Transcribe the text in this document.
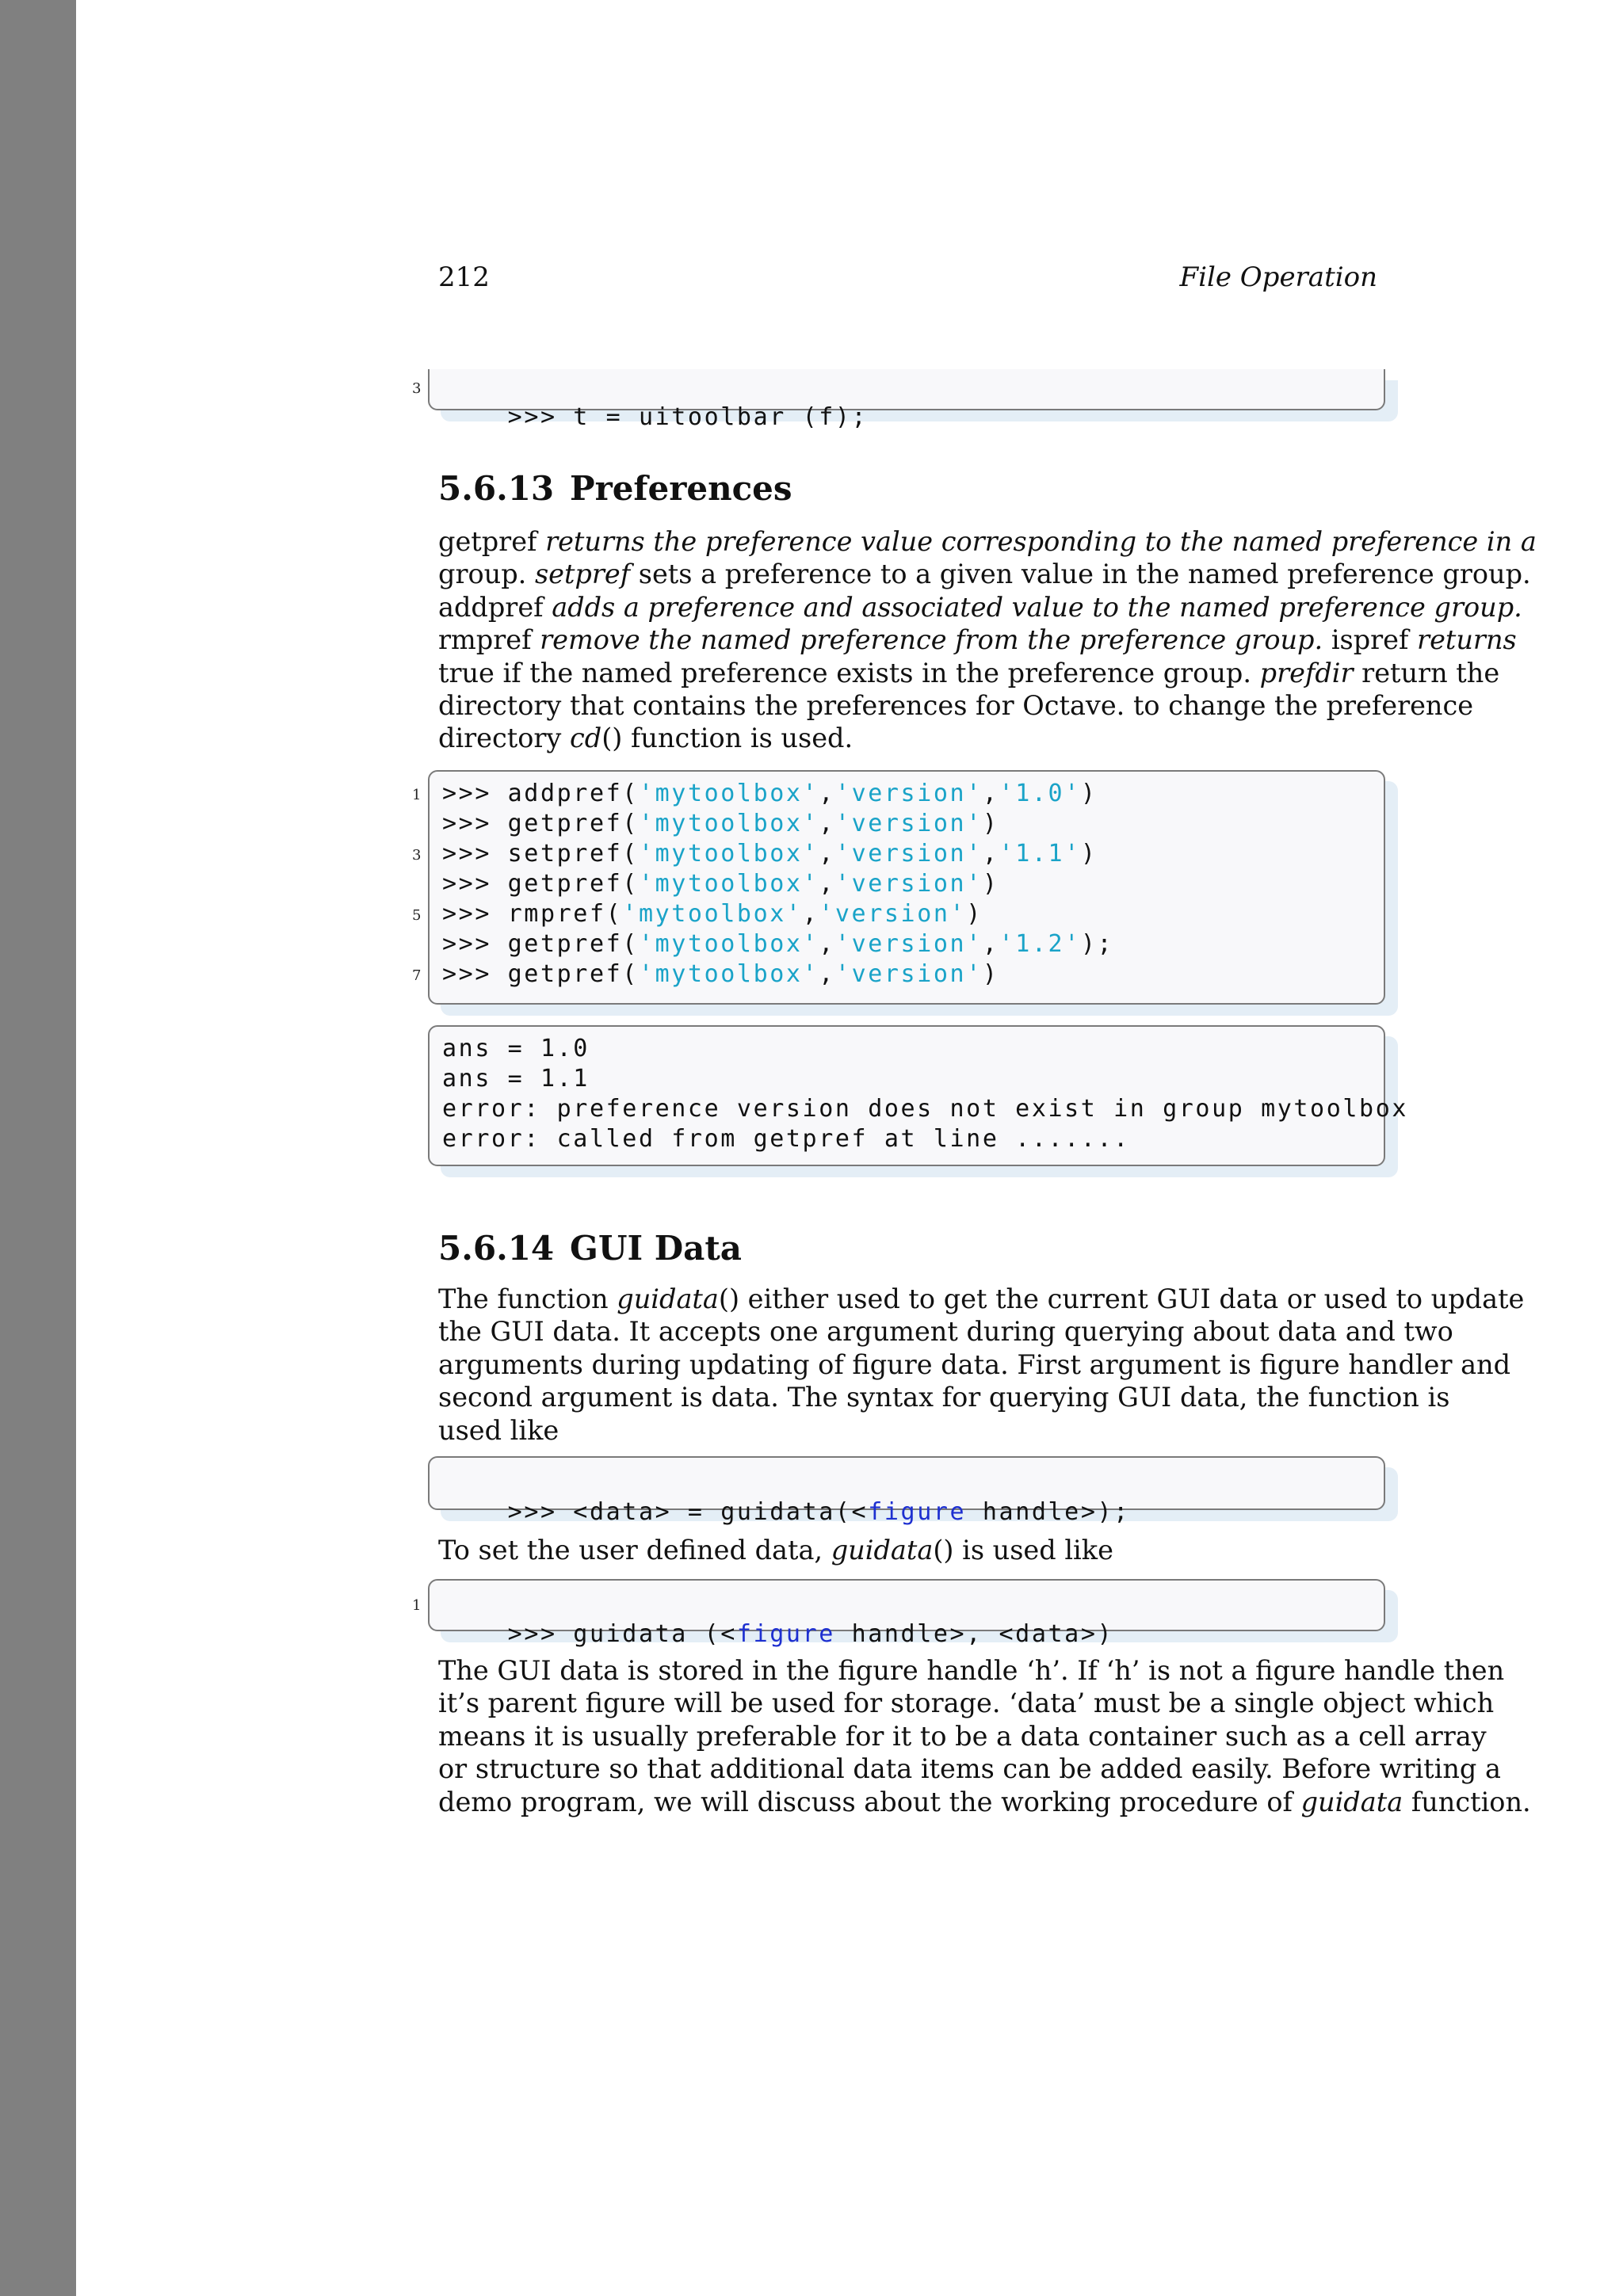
212	File Operation

3
>>> t = uitoolbar (f);

5.6.13 Preferences
getpref returns the preference value corresponding to the named preference in a
group. setpref sets a preference to a given value in the named preference group.
addpref adds a preference and associated value to the named preference group.
rmpref remove the named preference from the preference group. ispref returns
true if the named preference exists in the preference group. prefdir return the
directory that contains the preferences for Octave. to change the preference
directory cd() function is used.
1 >>> addpref('mytoolbox','version','1.0')
>>> getpref('mytoolbox','version')
3 >>> setpref('mytoolbox','version','1.1')
>>> getpref('mytoolbox','version')
5 >>> rmpref('mytoolbox','version')
>>> getpref('mytoolbox','version','1.2');
7 >>> getpref('mytoolbox','version')
ans = 1.0
ans = 1.1
error: preference version does not exist in group mytoolbox
error: called from getpref at line .......
5.6.14 GUI Data
The function guidata() either used to get the current GUI data or used to update
the GUI data. It accepts one argument during querying about data and two
arguments during updating of figure data. First argument is figure handler and
second argument is data. The syntax for querying GUI data, the function is
used like

>>> <data> = guidata(<figure handle>);

To set the user defined data, guidata() is used like

1
>>> guidata (<figure handle>, <data>)

The GUI data is stored in the figure handle ‘h’. If ‘h’ is not a figure handle then
it’s parent figure will be used for storage. ‘data’ must be a single object which
means it is usually preferable for it to be a data container such as a cell array
or structure so that additional data items can be added easily. Before writing a
demo program, we will discuss about the working procedure of guidata function.
